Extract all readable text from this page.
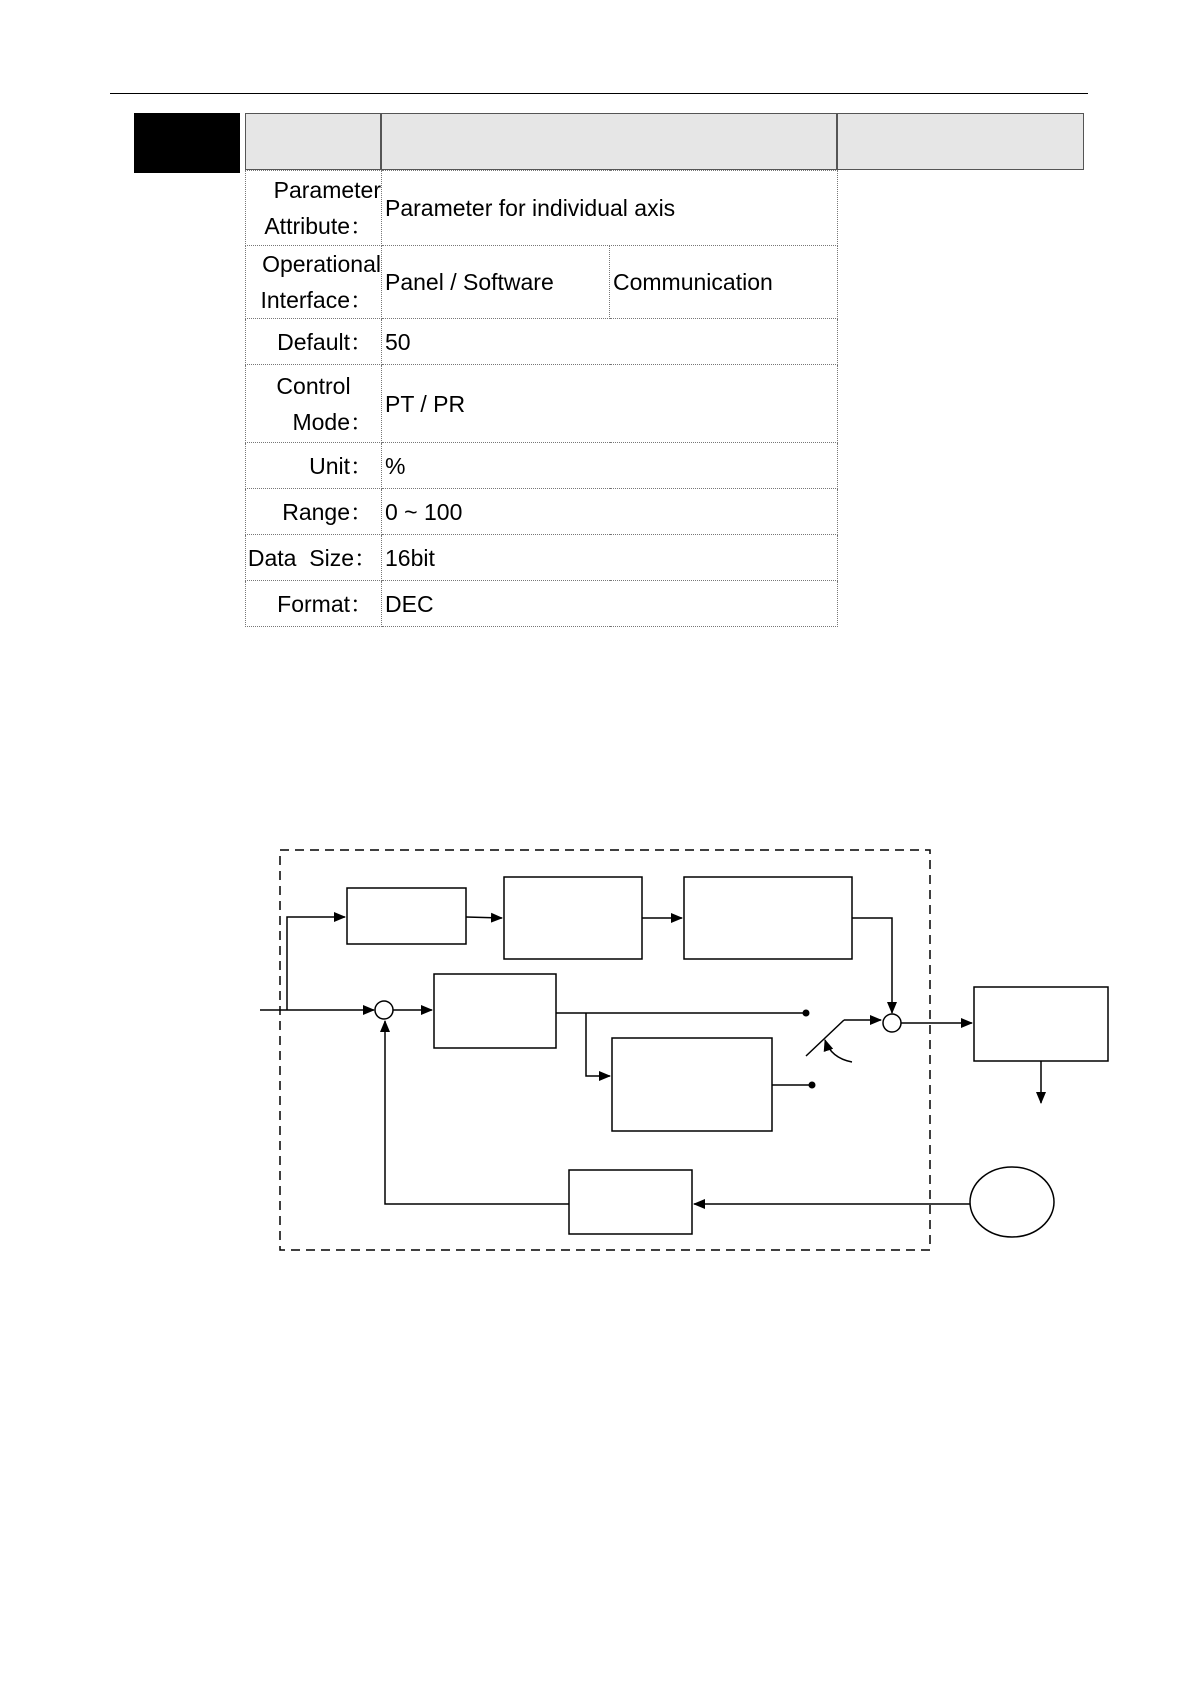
Parameter
Attribute：	Parameter for individual axis	

Operational
Interface：	Panel / Software	Communication
Default：	50	

Control
Mode：	PT / PR	
Unit：	%	
Range：	0 ~ 100	
Data  Size：	16bit	
Format：	DEC	
